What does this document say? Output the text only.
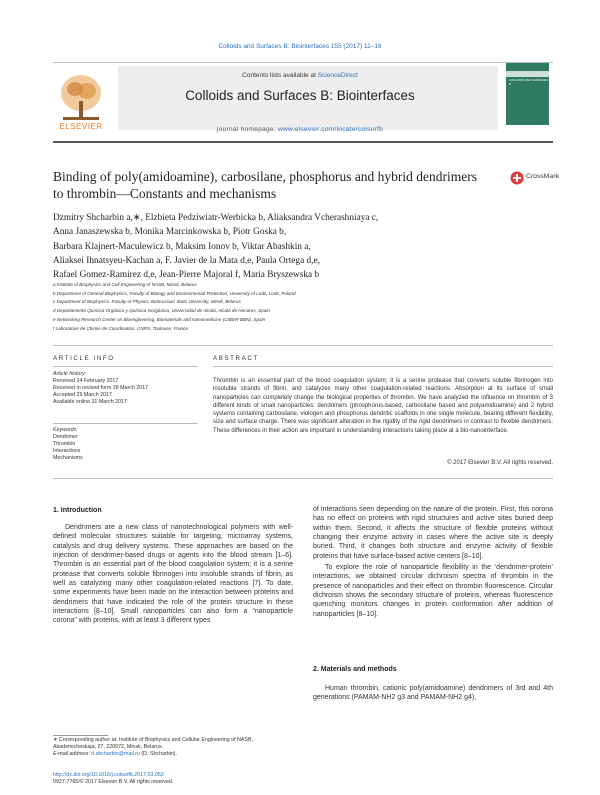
Colloids and Surfaces B: Biointerfaces 155 (2017) 11–16
ELSEVIER
Contents lists available at ScienceDirect
Colloids and Surfaces B: Biointerfaces
journal homepage: www.elsevier.com/locate/colsurfb
COLLOIDS AND SURFACES B
Binding of poly(amidoamine), carbosilane, phosphorus and hybrid dendrimers to thrombin—Constants and mechanisms
CrossMark
Dzmitry Shcharbin a,∗, Elzbieta Pedziwiatr-Werbicka b, Aliaksandra Vcherashniaya c,
Anna Janaszewska b, Monika Marcinkowska b, Piotr Goska b,
Barbara Klajnert-Maculewicz b, Maksim Ionov b, Viktar Abashkin a,
Aliaksei Ihnatsyeu-Kachan a, F. Javier de la Mata d,e, Paula Ortega d,e,
Rafael Gomez-Ramirez d,e, Jean-Pierre Majoral f, Maria Bryszewska b
a Institute of Biophysics and Cell Engineering of NASB, Minsk, Belarus
b Department of General Biophysics, Faculty of Biology and Environmental Protection, University of Lodz, Lodz, Poland
c Department of Biophysics, Faculty of Physics, Belarussian State University, Minsk, Belarus
d Departamento Química Orgánica y Química Inorgánica, Universidad de Alcalá, Alcalá de Henares, Spain
e Networking Research Center on Bioengineering, Biomaterials and Nanomedicine (CIBER-BBN), Spain
f Laboratoire de Chimie de Coordination, CNRS, Toulouse, France
ARTICLE INFO
Article history:
Received 24 February 2017
Received in revised form 28 March 2017
Accepted 29 March 2017
Available online 31 March 2017
Keywords:
Dendrimer
Thrombin
Interactions
Mechanisms
ABSTRACT
Thrombin is an essential part of the blood coagulation system; it is a serine protease that converts soluble fibrinogen into insoluble strands of fibrin, and catalyzes many other coagulation-related reactions. Absorption at its surface of small nanoparticles can completely change the biological properties of thrombin. We have analyzed the influence on thrombin of 3 different kinds of small nanoparticles: dendrimers (phosphorus-based, carbosilane based and polyamidoamine) and 2 hybrid systems containing carbosilane, viologen and phosphorus dendritic scaffolds in one single molecule, bearing different flexibility, size and surface charge. There was significant alteration in the rigidity of the rigid dendrimers in contrast to flexible dendrimers. These differences in their action are important in understanding interactions taking place at a bio-nanointerface.
© 2017 Elsevier B.V. All rights reserved.
1. Introduction

Dendrimers are a new class of nanotechnological polymers with well-defined molecular structures suitable for targeting, microarray systems, catalysis and drug delivery systems. These approaches are based on the injection of dendrimer-based drugs or agents into the blood stream [1–6]. Thrombin is an essential part of the blood coagulation system; it is a serine protease that converts soluble fibrinogen into insoluble strands of fibrin, as well as catalyzing many other coagulation-related reactions [7]. To date, some experiments have been made on the interaction between proteins and dendrimers that have indicated the role of the protein structure in these interactions [8–10]. Small nanoparticles can also form a “nanoparticle corona” with proteins, with at least 3 different types

of interactions seen depending on the nature of the protein. First, this corona has no effect on proteins with rigid structures and active sites buried deep within them. Second, it affects the structure of flexible proteins without changing their enzyme activity in cases where the active site is deeply buried. Third, it changes both structure and enzyme activity of flexible proteins that have surface-based active centers [8–10].

To explore the role of nanoparticle flexibility in the ‘dendrimer-protein’ interactions, we obtained circular dichroism spectra of thrombin in the presence of nanoparticles and their effect on thrombin fluorescence. Circular dichroism shows the secondary structure of proteins, whereas fluorescence quenching monitors changes in protein conformation after addition of nanoparticles [8–10].

2. Materials and methods

Human thrombin, cationic poly(amidoamine) dendrimers of 3rd and 4th generations (PAMAM-NH2 g3 and PAMAM-NH2 g4),

∗ Corresponding author at: Institute of Biophysics and Cellular Engineering of NASB, Akademicheskaja, 27, 220072, Minsk, Belarus.
E-mail address: d.shcharbin@mail.ru (D. Shcharbin).
http://dx.doi.org/10.1016/j.colsurfb.2017.03.053
0927-7765/© 2017 Elsevier B.V. All rights reserved.
